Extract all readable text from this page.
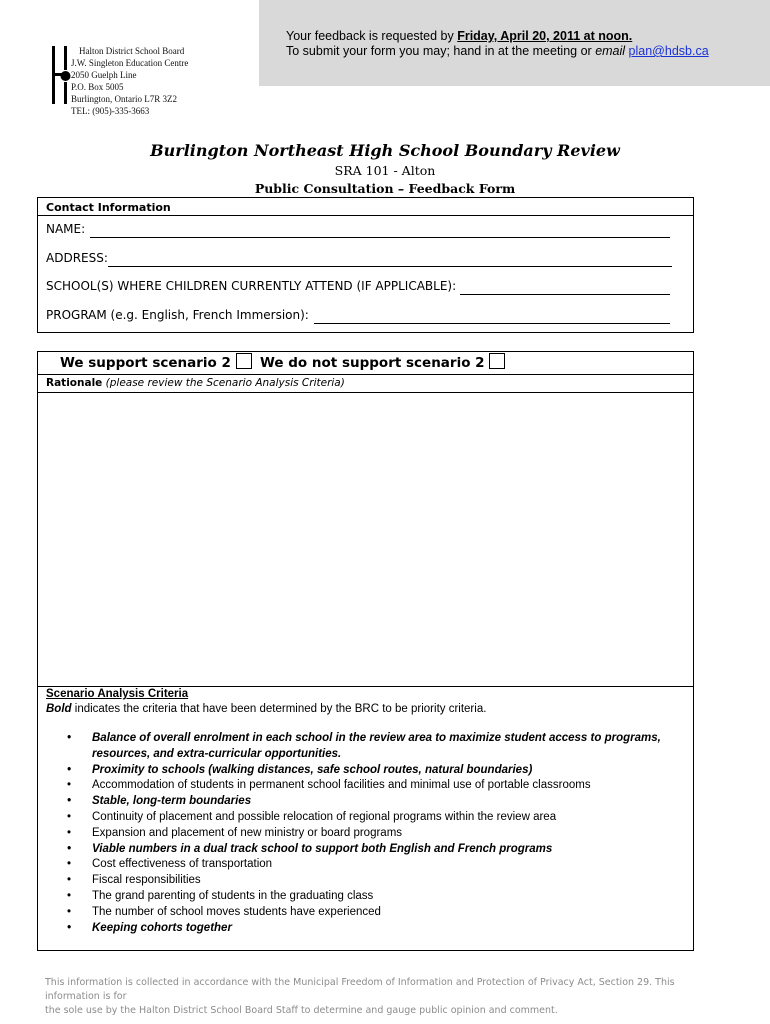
Your feedback is requested by Friday, April 20, 2011 at noon.
To submit your form you may; hand in at the meeting or email plan@hdsb.ca
Halton District School Board
J.W. Singleton Education Centre
2050 Guelph Line
P.O. Box 5005
Burlington, Ontario L7R 3Z2
TEL: (905)-335-3663
Burlington Northeast High School Boundary Review
SRA 101 - Alton
Public Consultation – Feedback Form
Contact Information
NAME:
ADDRESS:
SCHOOL(S) WHERE CHILDREN CURRENTLY ATTEND (IF APPLICABLE):
PROGRAM (e.g. English, French Immersion):
We support scenario 2	We do not support scenario 2
Rationale (please review the Scenario Analysis Criteria)
Scenario Analysis Criteria
Bold indicates the criteria that have been determined by the BRC to be priority criteria.
• Balance of overall enrolment in each school in the review area to maximize student access to programs, resources, and extra-curricular opportunities.
• Proximity to schools (walking distances, safe school routes, natural boundaries)
• Accommodation of students in permanent school facilities and minimal use of portable classrooms
• Stable, long-term boundaries
• Continuity of placement and possible relocation of regional programs within the review area
• Expansion and placement of new ministry or board programs
• Viable numbers in a dual track school to support both English and French programs
• Cost effectiveness of transportation
• Fiscal responsibilities
• The grand parenting of students in the graduating class
• The number of school moves students have experienced
• Keeping cohorts together
This information is collected in accordance with the Municipal Freedom of Information and Protection of Privacy Act, Section 29. This information is for
the sole use by the Halton District School Board Staff to determine and gauge public opinion and comment.
